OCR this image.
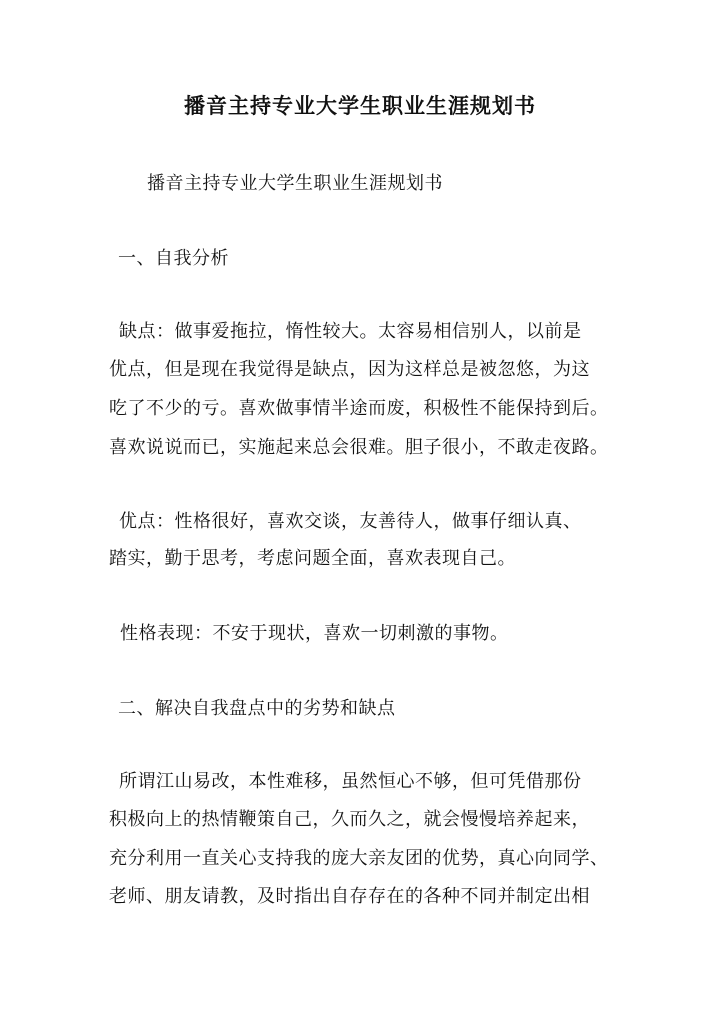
播音主持专业大学生职业生涯规划书
播音主持专业大学生职业生涯规划书
一、自我分析
缺点：做事爱拖拉，惰性较大。太容易相信别人，以前是
优点，但是现在我觉得是缺点，因为这样总是被忽悠，为这
吃了不少的亏。喜欢做事情半途而废，积极性不能保持到后。
喜欢说说而已，实施起来总会很难。胆子很小，不敢走夜路。
优点：性格很好，喜欢交谈，友善待人，做事仔细认真、
踏实，勤于思考，考虑问题全面，喜欢表现自己。
性格表现：不安于现状，喜欢一切刺激的事物。
二、解决自我盘点中的劣势和缺点
所谓江山易改，本性难移，虽然恒心不够，但可凭借那份
积极向上的热情鞭策自己，久而久之，就会慢慢培养起来，
充分利用一直关心支持我的庞大亲友团的优势，真心向同学、
老师、朋友请教，及时指出自存存在的各种不同并制定出相
